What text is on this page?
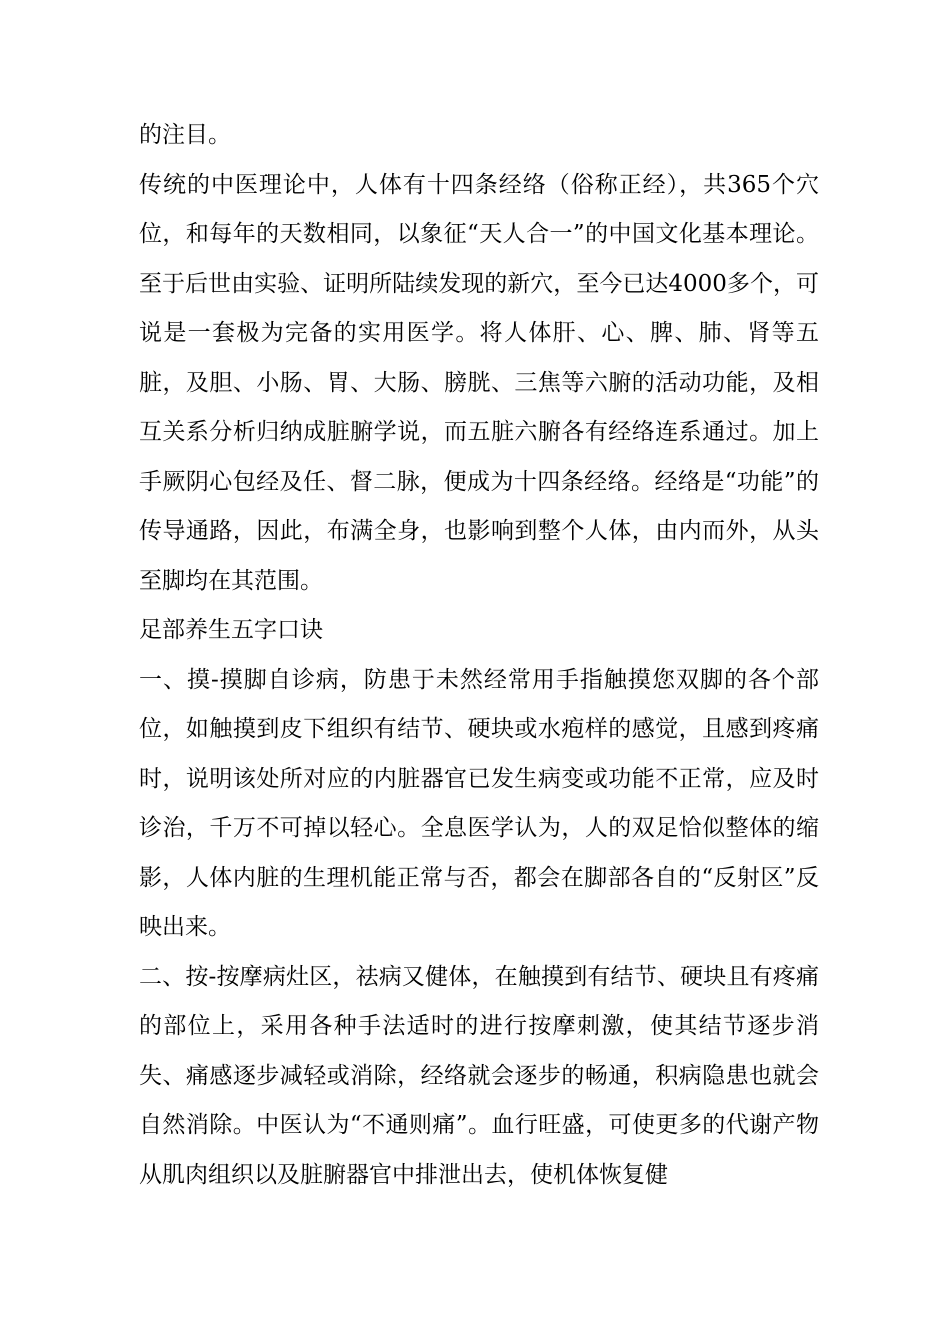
的注目。

传统的中医理论中，人体有十四条经络（俗称正经），共365个穴位，和每年的天数相同，以象征“天人合一”的中国文化基本理论。至于后世由实验、证明所陆续发现的新穴，至今已达4000多个，可说是一套极为完备的实用医学。将人体肝、心、脾、肺、肾等五脏，及胆、小肠、胃、大肠、膀胱、三焦等六腑的活动功能，及相互关系分析归纳成脏腑学说，而五脏六腑各有经络连系通过。加上手厥阴心包经及任、督二脉，便成为十四条经络。经络是“功能”的传导通路，因此，布满全身，也影响到整个人体，由内而外，从头至脚均在其范围。

足部养生五字口诀

一、摸-摸脚自诊病，防患于未然经常用手指触摸您双脚的各个部位，如触摸到皮下组织有结节、硬块或水疱样的感觉，且感到疼痛时，说明该处所对应的内脏器官已发生病变或功能不正常，应及时诊治，千万不可掉以轻心。全息医学认为，人的双足恰似整体的缩影，人体内脏的生理机能正常与否，都会在脚部各自的“反射区”反映出来。

二、按-按摩病灶区，祛病又健体，在触摸到有结节、硬块且有疼痛的部位上，采用各种手法适时的进行按摩刺激，使其结节逐步消失、痛感逐步减轻或消除，经络就会逐步的畅通，积病隐患也就会自然消除。中医认为“不通则痛”。血行旺盛，可使更多的代谢产物从肌肉组织以及脏腑器官中排泄出去，使机体恢复健
